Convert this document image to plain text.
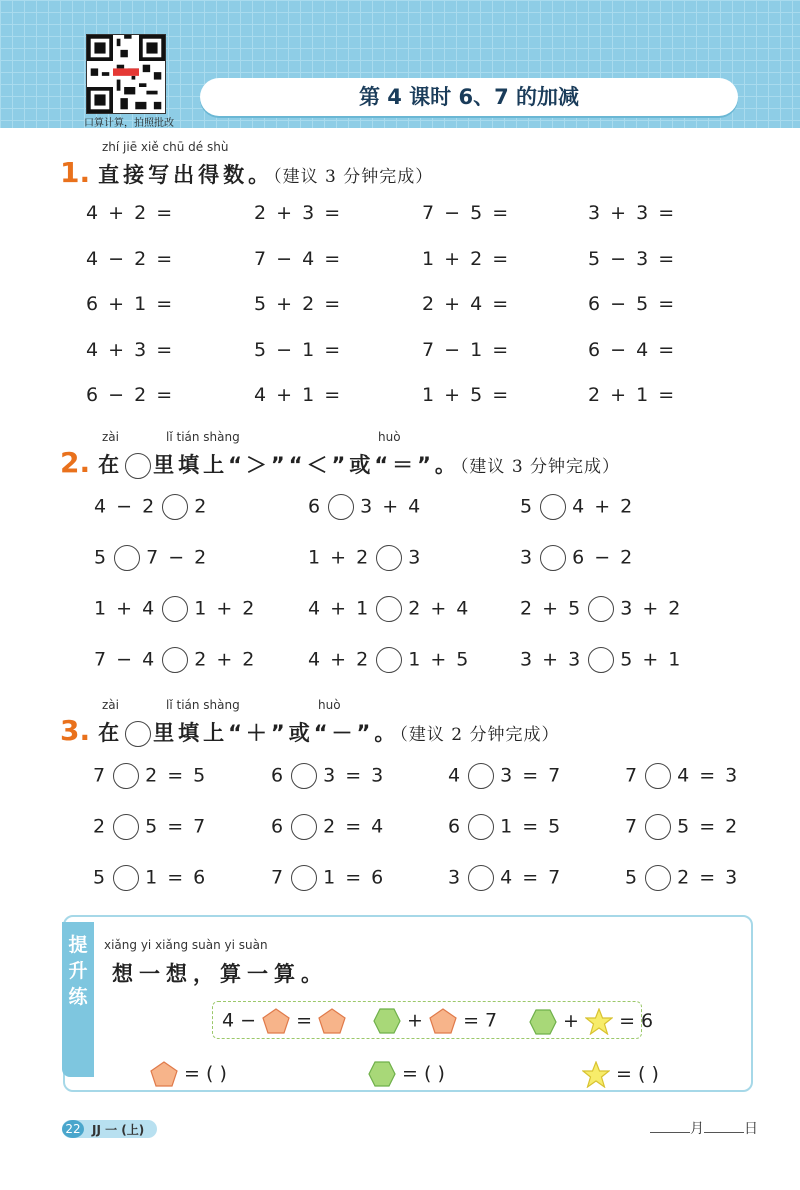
口算计算，拍照批改
第 4 课时 6、7 的加减
zhí jiē xiě chū dé shù
1. 直接写出得数。（建议 3 分钟完成）
4 + 2 =	2 + 3 =	7 − 5 =	3 + 3 =
4 − 2 =	7 − 4 =	1 + 2 =	5 − 3 =
6 + 1 =	5 + 2 =	2 + 4 =	6 − 5 =
4 + 3 =	5 − 1 =	7 − 1 =	6 − 4 =
6 − 2 =	4 + 1 =	1 + 5 =	2 + 1 =
zài	lǐ tián shàng	huò
2. 在 里填上“＞”“＜”或“＝”。（建议 3 分钟完成）
4 − 2 2	6 3 + 4	5 4 + 2
5 7 − 2	1 + 2 3	3 6 − 2
1 + 4 1 + 2	4 + 1 2 + 4	2 + 5 3 + 2
7 − 4 2 + 2	4 + 2 1 + 5	3 + 3 5 + 1
zài	lǐ tián shàng	huò
3. 在 里填上“＋”或“－”。（建议 2 分钟完成）
7 2 = 5	6 3 = 3	4 3 = 7	7 4 = 3
2 5 = 7	6 2 = 4	6 1 = 5	7 5 = 2
5 1 = 6	7 1 = 6	3 4 = 7	5 2 = 3
提
升
练
xiǎng yi xiǎng suàn yi suàn
想一想，算一算。
4 − =	+ = 7	+ = 6
= ( )	= ( )	= ( )
22 JJ 一 (上)	月	日
